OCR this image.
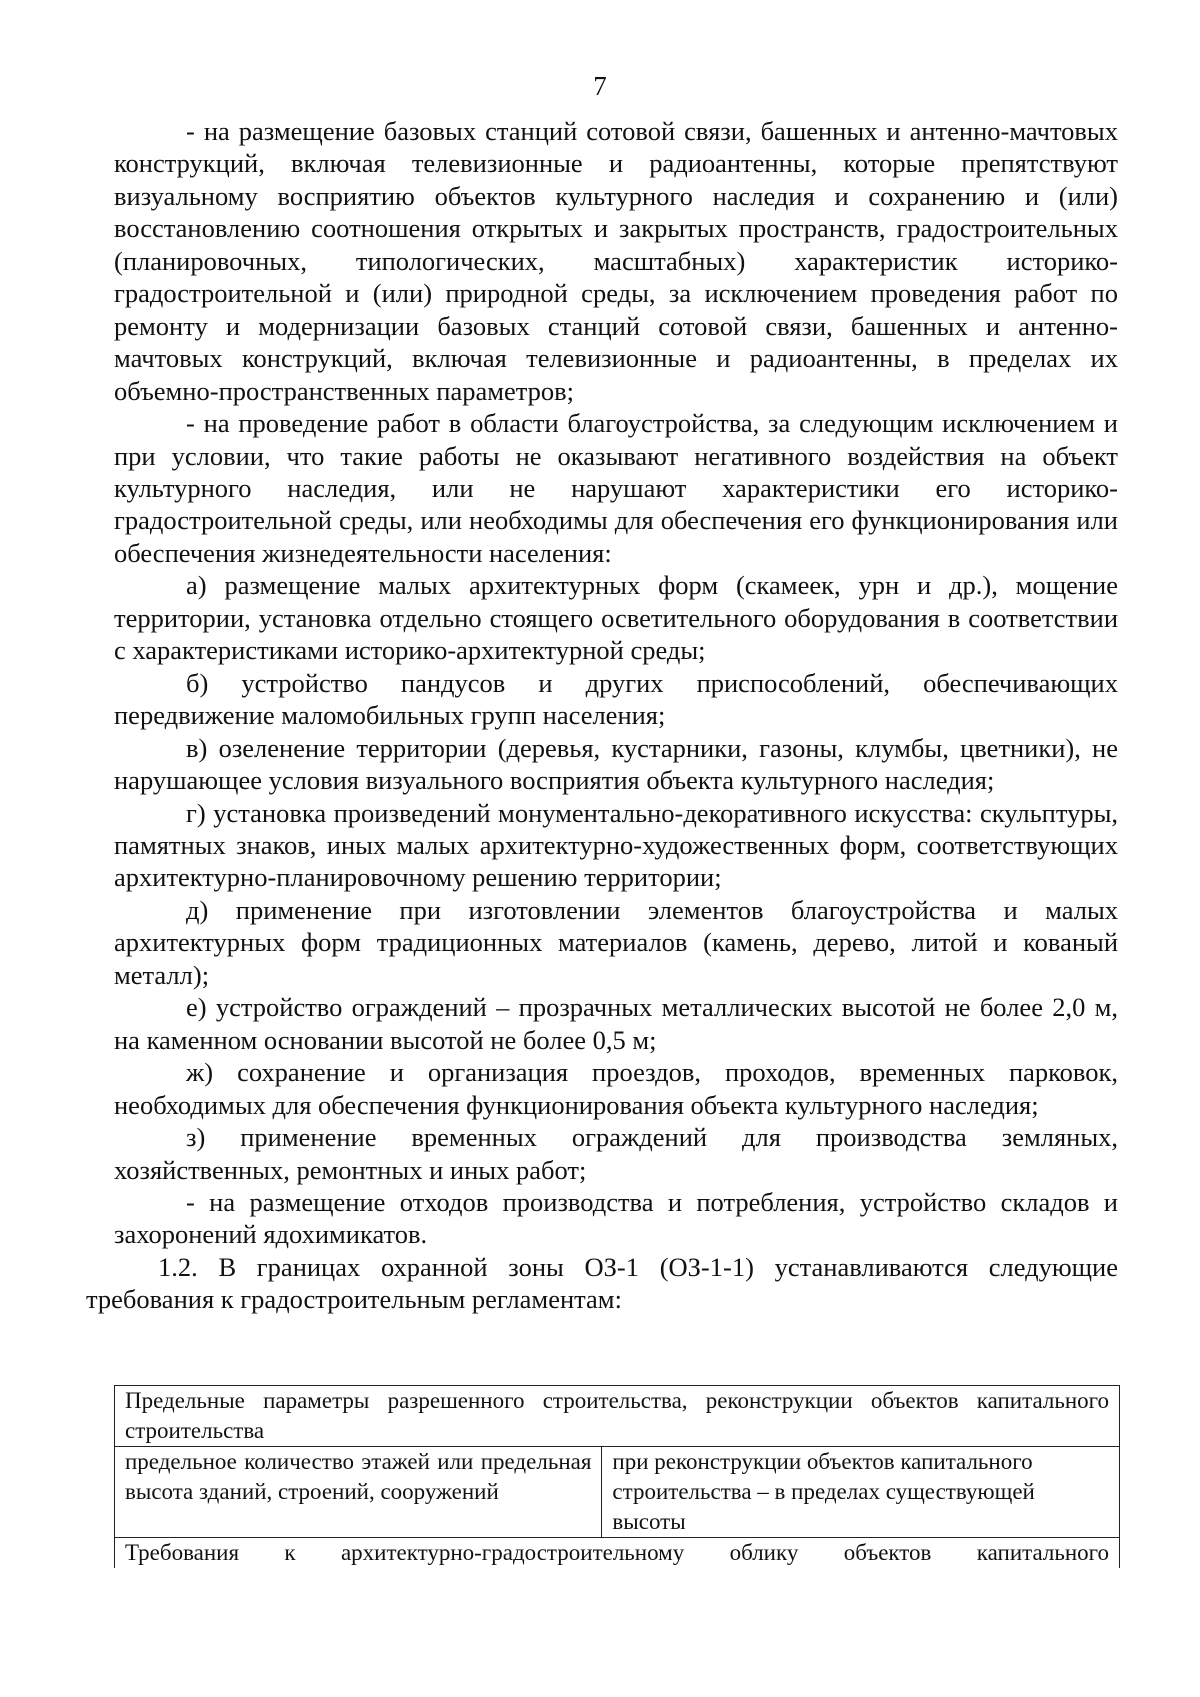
7

- на размещение базовых станций сотовой связи, башенных и антенно-мачтовых конструкций, включая телевизионные и радиоантенны, которые препятствуют визуальному восприятию объектов культурного наследия и сохранению и (или) восстановлению соотношения открытых и закрытых пространств, градостроительных (планировочных, типологических, масштабных) характеристик историко-градостроительной и (или) природной среды, за исключением проведения работ по ремонту и модернизации базовых станций сотовой связи, башенных и антенно-мачтовых конструкций, включая телевизионные и радиоантенны, в пределах их объемно-пространственных параметров;

- на проведение работ в области благоустройства, за следующим исключением и при условии, что такие работы не оказывают негативного воздействия на объект культурного наследия, или не нарушают характеристики его историко-градостроительной среды, или необходимы для обеспечения его функционирования или обеспечения жизнедеятельности населения:

а) размещение малых архитектурных форм (скамеек, урн и др.), мощение территории, установка отдельно стоящего осветительного оборудования в соответствии с характеристиками историко-архитектурной среды;

б) устройство пандусов и других приспособлений, обеспечивающих передвижение маломобильных групп населения;

в) озеленение территории (деревья, кустарники, газоны, клумбы, цветники), не нарушающее условия визуального восприятия объекта культурного наследия;

г) установка произведений монументально-декоративного искусства: скульптуры, памятных знаков, иных малых архитектурно-художественных форм, соответствующих архитектурно-планировочному решению территории;

д) применение при изготовлении элементов благоустройства и малых архитектурных форм традиционных материалов (камень, дерево, литой и кованый металл);

е) устройство ограждений – прозрачных металлических высотой не более 2,0 м, на каменном основании высотой не более 0,5 м;

ж) сохранение и организация проездов, проходов, временных парковок, необходимых для обеспечения функционирования объекта культурного наследия;

з) применение временных ограждений для производства земляных, хозяйственных, ремонтных и иных работ;

- на размещение отходов производства и потребления, устройство складов и захоронений ядохимикатов.

1.2. В границах охранной зоны ОЗ-1 (ОЗ-1-1) устанавливаются следующие требования к градостроительным регламентам:

Предельные параметры разрешенного строительства, реконструкции объектов капитального строительства
предельное количество этажей или предельная высота зданий, строений, сооружений	при реконструкции объектов капитального строительства – в пределах существующей высоты
Требования к архитектурно-градостроительному облику объектов капитального
